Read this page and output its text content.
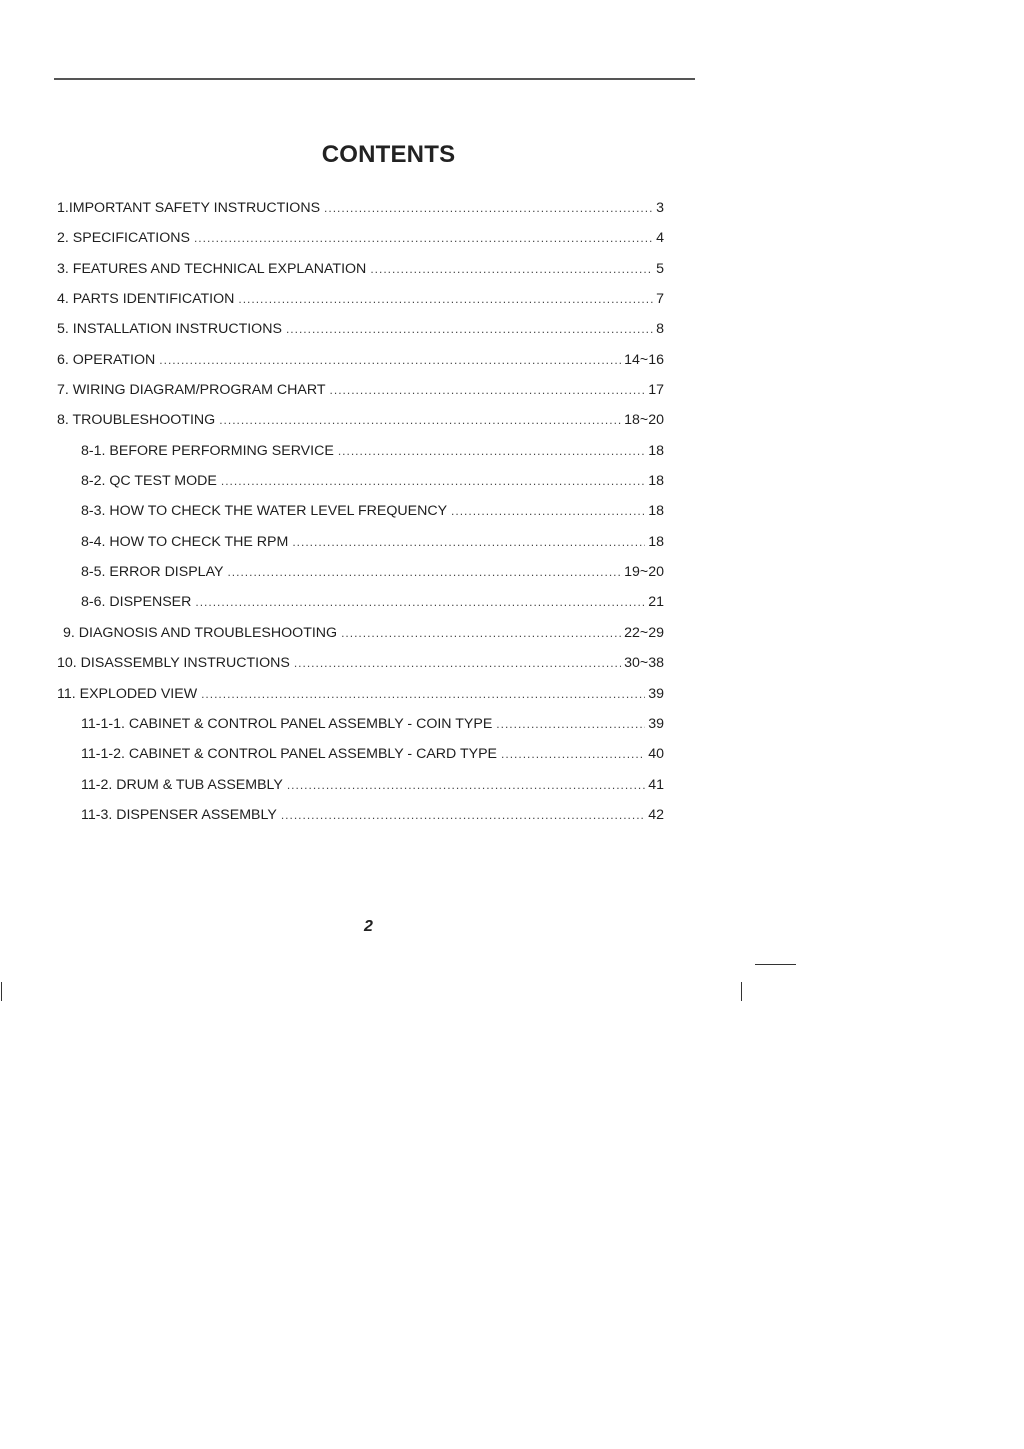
CONTENTS
1.IMPORTANT SAFETY INSTRUCTIONS .....	3
2. SPECIFICATIONS .....	4
3. FEATURES AND TECHNICAL EXPLANATION .....	5
4. PARTS IDENTIFICATION .....	7
5. INSTALLATION INSTRUCTIONS .....	8
6. OPERATION .....	14~16
7. WIRING DIAGRAM/PROGRAM CHART .....	17
8. TROUBLESHOOTING .....	18~20
8-1. BEFORE PERFORMING SERVICE .....	18
8-2. QC TEST MODE .....	18
8-3. HOW TO CHECK THE WATER LEVEL FREQUENCY .....	18
8-4. HOW TO CHECK THE RPM .....	18
8-5. ERROR DISPLAY .....	19~20
8-6. DISPENSER .....	21
9. DIAGNOSIS AND TROUBLESHOOTING .....	22~29
10. DISASSEMBLY INSTRUCTIONS .....	30~38
11. EXPLODED VIEW .....	39
11-1-1. CABINET & CONTROL PANEL ASSEMBLY - COIN TYPE .....	39
11-1-2. CABINET & CONTROL PANEL ASSEMBLY - CARD TYPE .....	40
11-2. DRUM & TUB ASSEMBLY .....	41
11-3. DISPENSER ASSEMBLY .....	42
2
